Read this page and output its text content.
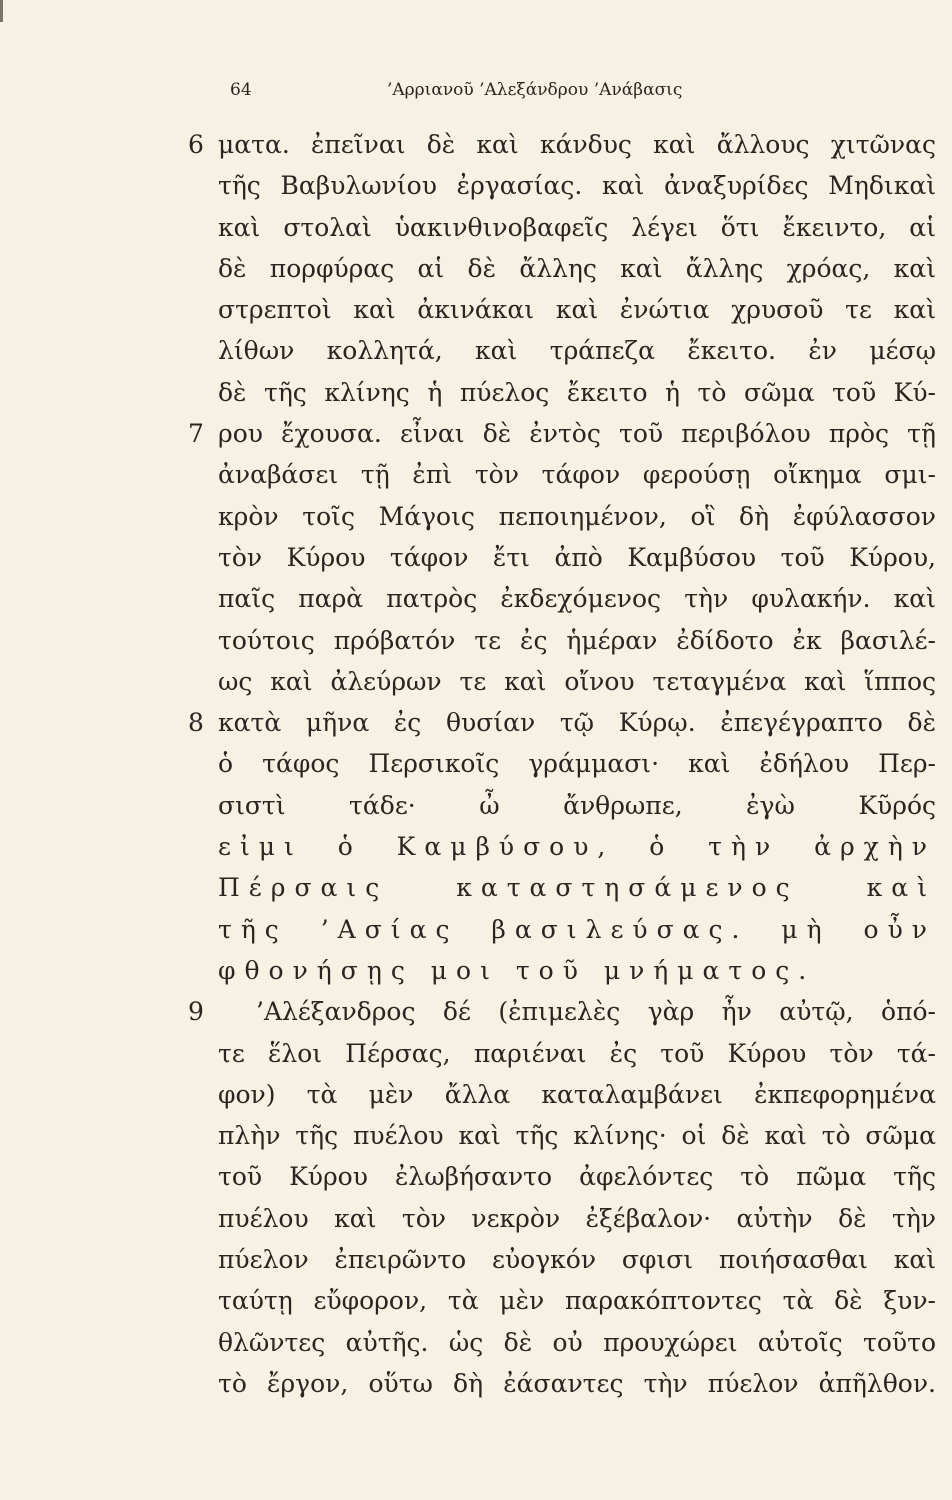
64	’Αρριανοῦ ’Αλεξάνδρου ’Ανάβασις
6
7
8
9
ματα. ἐπεῖναι δὲ καὶ κάνδυς καὶ ἄλλους χιτῶνας
τῆς Βαβυλωνίου ἐργασίας. καὶ ἀναξυρίδες Μηδικαὶ
καὶ στολαὶ ὑακινθινοβαφεῖς λέγει ὅτι ἔκειντο, αἱ
δὲ πορφύρας αἱ δὲ ἄλλης καὶ ἄλλης χρόας, καὶ
στρεπτοὶ καὶ ἀκινάκαι καὶ ἐνώτια χρυσοῦ τε καὶ
λίθων κολλητά, καὶ τράπεζα ἔκειτο. ἐν μέσῳ
δὲ τῆς κλίνης ἡ πύελος ἔκειτο ἡ τὸ σῶμα τοῦ Κύ-
ρου ἔχουσα. εἶναι δὲ ἐντὸς τοῦ περιβόλου πρὸς τῇ
ἀναβάσει τῇ ἐπὶ τὸν τάφον φερούσῃ οἴκημα σμι-
κρὸν τοῖς Μάγοις πεποιημένον, οἳ δὴ ἐφύλασσον
τὸν Κύρου τάφον ἔτι ἀπὸ Καμβύσου τοῦ Κύρου,
παῖς παρὰ πατρὸς ἐκδεχόμενος τὴν φυλακήν. καὶ
τούτοις πρόβατόν τε ἐς ἡμέραν ἐδίδοτο ἐκ βασιλέ-
ως καὶ ἀλεύρων τε καὶ οἴνου τεταγμένα καὶ ἵππος
κατὰ μῆνα ἐς θυσίαν τῷ Κύρῳ. ἐπεγέγραπτο δὲ
ὁ τάφος Περσικοῖς γράμμασι· καὶ ἐδήλου Περ-
σιστὶ τάδε· ὦ ἄνθρωπε, ἐγὼ Κῦρός
εἰμι ὁ Καμβύσου, ὁ τὴν ἀρχὴν
Πέρσαις καταστησάμενος καὶ
τῆς ’Ασίας βασιλεύσας. μὴ οὖν
φθονήσῃς μοι τοῦ μνήματος.
’Αλέξανδρος δέ (ἐπιμελὲς γὰρ ἦν αὐτῷ, ὁπό-
τε ἕλοι Πέρσας, παριέναι ἐς τοῦ Κύρου τὸν τά-
φον) τὰ μὲν ἄλλα καταλαμβάνει ἐκπεφορημένα
πλὴν τῆς πυέλου καὶ τῆς κλίνης· οἱ δὲ καὶ τὸ σῶμα
τοῦ Κύρου ἐλωβήσαντο ἀφελόντες τὸ πῶμα τῆς
πυέλου καὶ τὸν νεκρὸν ἐξέβαλον· αὐτὴν δὲ τὴν
πύελον ἐπειρῶντο εὐογκόν σφισι ποιήσασθαι καὶ
ταύτῃ εὔφορον, τὰ μὲν παρακόπτοντες τὰ δὲ ξυν-
θλῶντες αὐτῆς. ὡς δὲ οὐ προυχώρει αὐτοῖς τοῦτο
τὸ ἔργον, οὕτω δὴ ἐάσαντες τὴν πύελον ἀπῆλθον.
